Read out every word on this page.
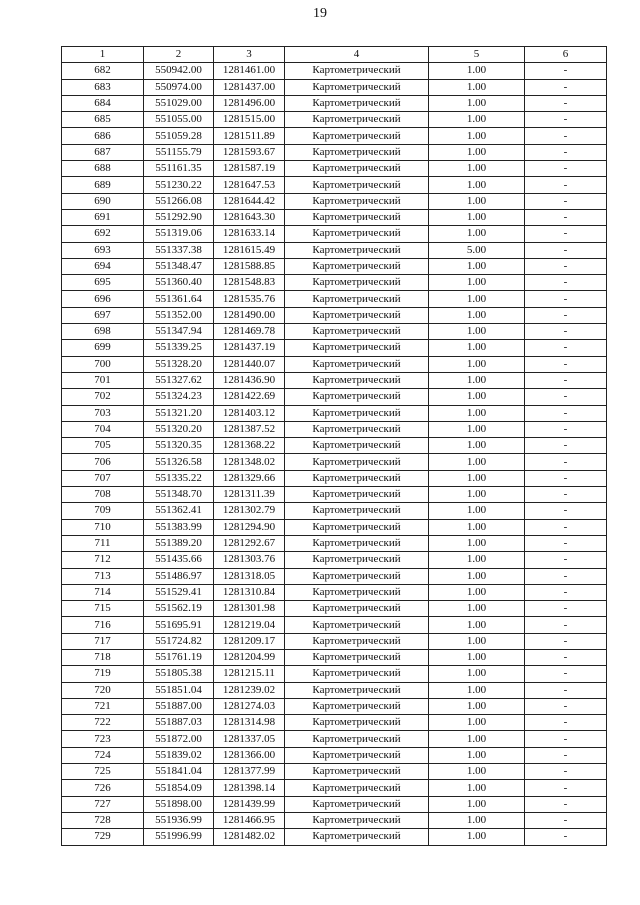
19
1	2	3	4	5	6
682	550942.00	1281461.00	Картометрический	1.00	-
683	550974.00	1281437.00	Картометрический	1.00	-
684	551029.00	1281496.00	Картометрический	1.00	-
685	551055.00	1281515.00	Картометрический	1.00	-
686	551059.28	1281511.89	Картометрический	1.00	-
687	551155.79	1281593.67	Картометрический	1.00	-
688	551161.35	1281587.19	Картометрический	1.00	-
689	551230.22	1281647.53	Картометрический	1.00	-
690	551266.08	1281644.42	Картометрический	1.00	-
691	551292.90	1281643.30	Картометрический	1.00	-
692	551319.06	1281633.14	Картометрический	1.00	-
693	551337.38	1281615.49	Картометрический	5.00	-
694	551348.47	1281588.85	Картометрический	1.00	-
695	551360.40	1281548.83	Картометрический	1.00	-
696	551361.64	1281535.76	Картометрический	1.00	-
697	551352.00	1281490.00	Картометрический	1.00	-
698	551347.94	1281469.78	Картометрический	1.00	-
699	551339.25	1281437.19	Картометрический	1.00	-
700	551328.20	1281440.07	Картометрический	1.00	-
701	551327.62	1281436.90	Картометрический	1.00	-
702	551324.23	1281422.69	Картометрический	1.00	-
703	551321.20	1281403.12	Картометрический	1.00	-
704	551320.20	1281387.52	Картометрический	1.00	-
705	551320.35	1281368.22	Картометрический	1.00	-
706	551326.58	1281348.02	Картометрический	1.00	-
707	551335.22	1281329.66	Картометрический	1.00	-
708	551348.70	1281311.39	Картометрический	1.00	-
709	551362.41	1281302.79	Картометрический	1.00	-
710	551383.99	1281294.90	Картометрический	1.00	-
711	551389.20	1281292.67	Картометрический	1.00	-
712	551435.66	1281303.76	Картометрический	1.00	-
713	551486.97	1281318.05	Картометрический	1.00	-
714	551529.41	1281310.84	Картометрический	1.00	-
715	551562.19	1281301.98	Картометрический	1.00	-
716	551695.91	1281219.04	Картометрический	1.00	-
717	551724.82	1281209.17	Картометрический	1.00	-
718	551761.19	1281204.99	Картометрический	1.00	-
719	551805.38	1281215.11	Картометрический	1.00	-
720	551851.04	1281239.02	Картометрический	1.00	-
721	551887.00	1281274.03	Картометрический	1.00	-
722	551887.03	1281314.98	Картометрический	1.00	-
723	551872.00	1281337.05	Картометрический	1.00	-
724	551839.02	1281366.00	Картометрический	1.00	-
725	551841.04	1281377.99	Картометрический	1.00	-
726	551854.09	1281398.14	Картометрический	1.00	-
727	551898.00	1281439.99	Картометрический	1.00	-
728	551936.99	1281466.95	Картометрический	1.00	-
729	551996.99	1281482.02	Картометрический	1.00	-
